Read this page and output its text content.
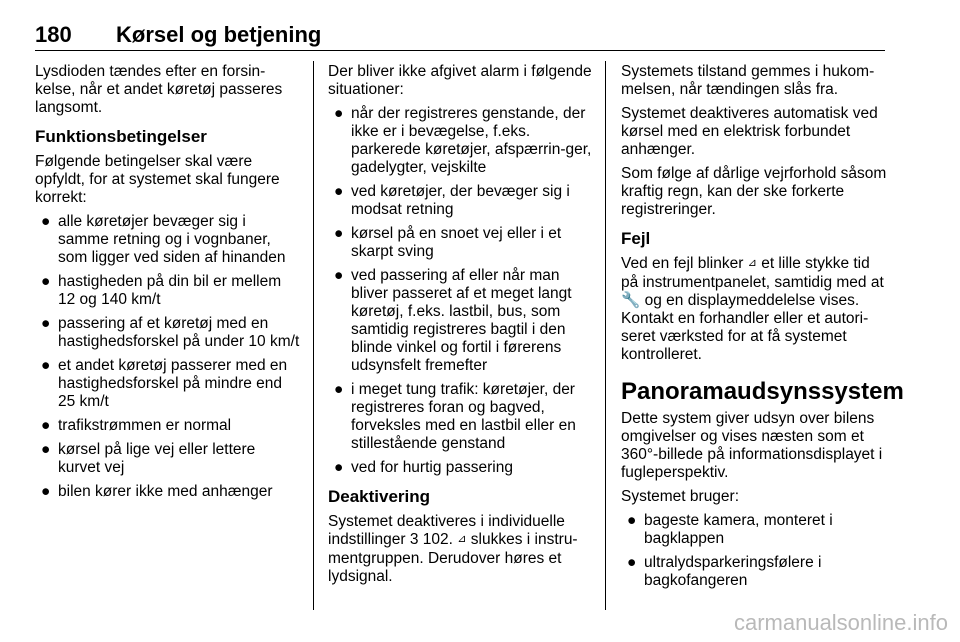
180 Kørsel og betjening

Lysdioden tændes efter en forsin-kelse, når et andet køretøj passeres langsomt.

Funktionsbetingelser

Følgende betingelser skal være opfyldt, for at systemet skal fungere korrekt:

● alle køretøjer bevæger sig i samme retning og i vognbaner, som ligger ved siden af hinanden
● hastigheden på din bil er mellem 12 og 140 km/t
● passering af et køretøj med en hastighedsforskel på under 10 km/t
● et andet køretøj passerer med en hastighedsforskel på mindre end 25 km/t
● trafikstrømmen er normal
● kørsel på lige vej eller lettere kurvet vej
● bilen kører ikke med anhænger

Der bliver ikke afgivet alarm i følgende situationer:

● når der registreres genstande, der ikke er i bevægelse, f.eks. parkerede køretøjer, afspærrin-ger, gadelygter, vejskilte
● ved køretøjer, der bevæger sig i modsat retning
● kørsel på en snoet vej eller i et skarpt sving
● ved passering af eller når man bliver passeret af et meget langt køretøj, f.eks. lastbil, bus, som samtidig registreres bagtil i den blinde vinkel og fortil i førerens udsynsfelt fremefter
● i meget tung trafik: køretøjer, der registreres foran og bagved, forveksles med en lastbil eller en stillestående genstand
● ved for hurtig passering
Deaktivering

Systemet deaktiveres i individuelle indstillinger 3 102. ⊿ slukkes i instru-mentgruppen. Derudover høres et lydsignal.

Systemets tilstand gemmes i hukom-melsen, når tændingen slås fra.

Systemet deaktiveres automatisk ved kørsel med en elektrisk forbundet anhænger.

Som følge af dårlige vejrforhold såsom kraftig regn, kan der ske forkerte registreringer.

Fejl

Ved en fejl blinker ⊿ et lille stykke tid på instrumentpanelet, samtidig med at 🔧 og en displaymeddelelse vises. Kontakt en forhandler eller et autori-seret værksted for at få systemet kontrolleret.

Panoramaudsynssystem

Dette system giver udsyn over bilens omgivelser og vises næsten som et 360°-billede på informationsdisplayet i fugleperspektiv.

Systemet bruger:

● bageste kamera, monteret i bagklappen
● ultralydsparkeringsfølere i bagkofangeren
carmanualsonline.info
